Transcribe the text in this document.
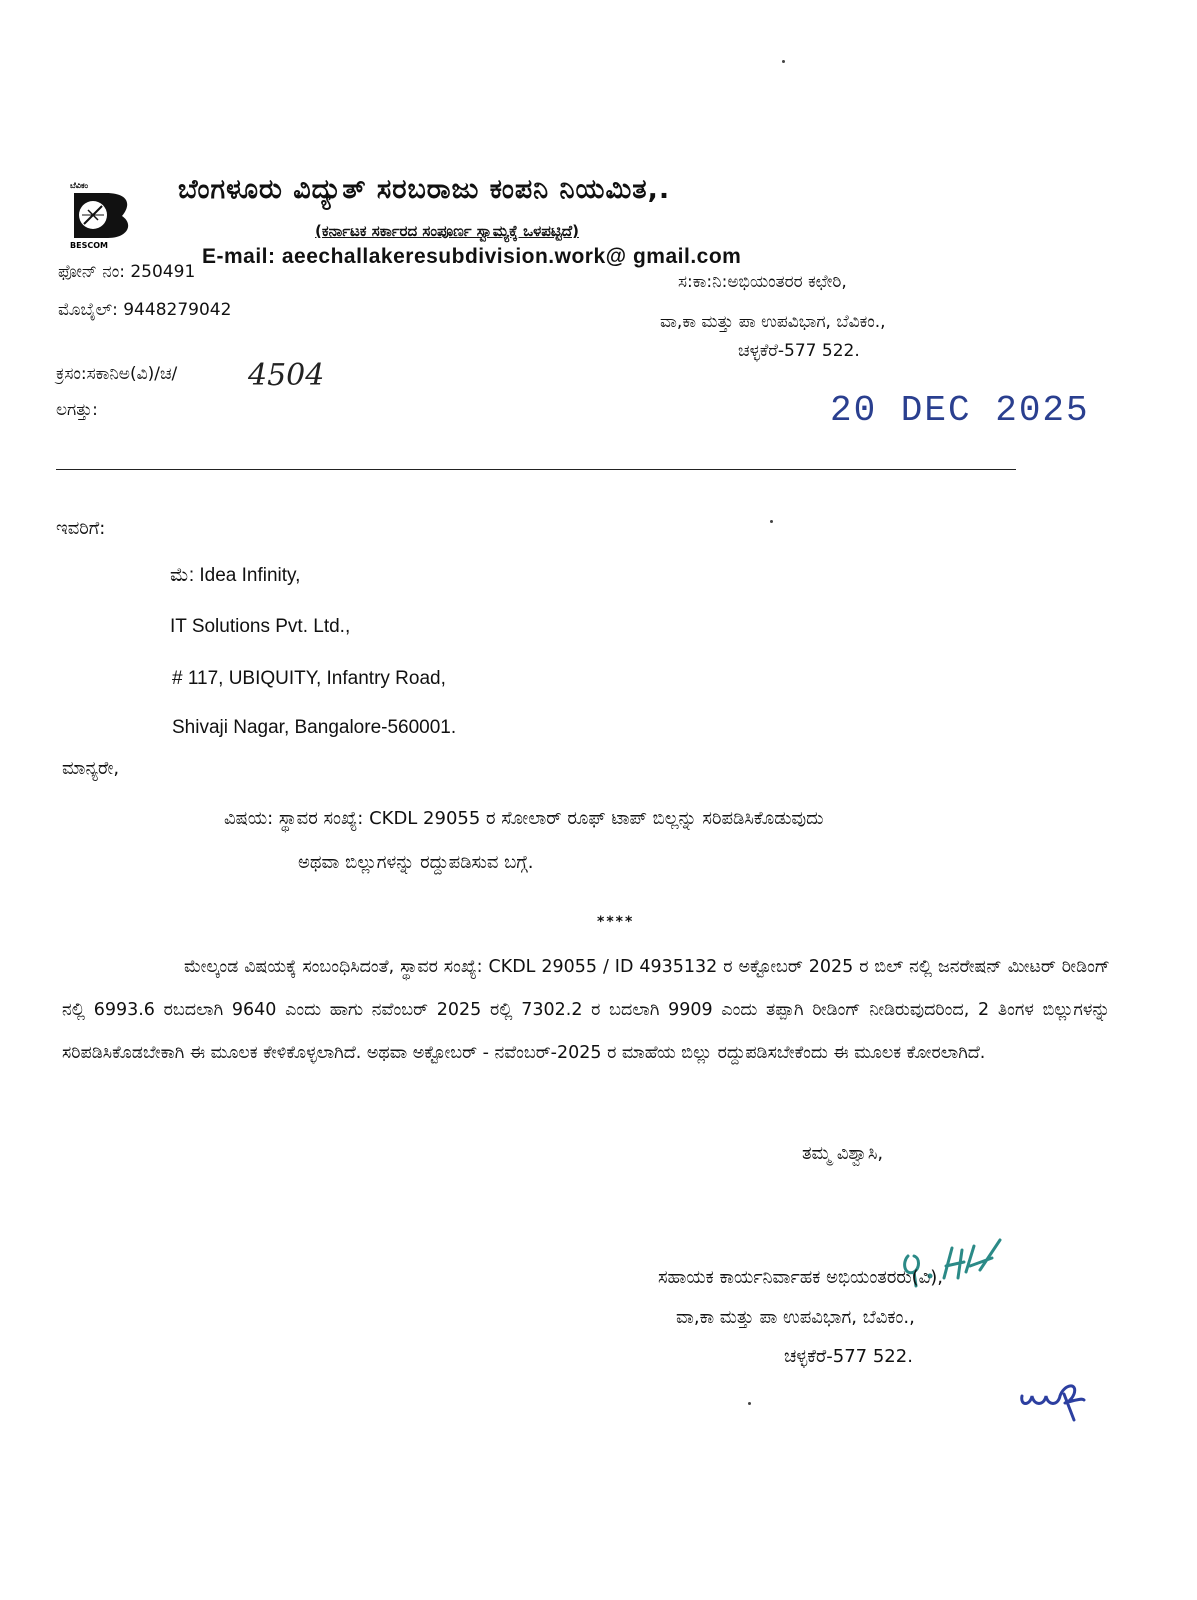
ಬೆವಿಕಂ
BESCOM
ಬೆಂಗಳೂರು ವಿದ್ಯುತ್ ಸರಬರಾಜು ಕಂಪನಿ ನಿಯಮಿತ,.
(ಕರ್ನಾಟಕ ಸರ್ಕಾರದ ಸಂಪೂರ್ಣ ಸ್ವಾಮ್ಯಕ್ಕೆ ಒಳಪಟ್ಟಿದೆ)
E-mail: aeechallakeresubdivision.work@ gmail.com
ಫೋನ್ ನಂ: 250491
ಮೊಬೈಲ್: 9448279042
ಸ:ಕಾ:ನಿ:ಅಭಿಯಂತರರ ಕಛೇರಿ,
ವಾ,ಕಾ ಮತ್ತು ಪಾ ಉಪವಿಭಾಗ, ಬೆವಿಕಂ.,
ಚಳ್ಳಕೆರೆ-577 522.
ಕ್ರಸಂ:ಸಕಾನಿಅ(ವಿ)/ಚ/ 4504
ಲಗತ್ತು:	20 DEC 2025
ಇವರಿಗೆ:
ಮೆ: Idea Infinity,
IT Solutions Pvt. Ltd.,
# 117, UBIQUITY, Infantry Road,
Shivaji Nagar, Bangalore-560001.
ಮಾನ್ಯರೇ,
ವಿಷಯ: ಸ್ಥಾವರ ಸಂಖ್ಯೆ: CKDL 29055 ರ ಸೋಲಾರ್ ರೂಫ್ ಟಾಪ್ ಬಿಲ್ಲನ್ನು ಸರಿಪಡಿಸಿಕೊಡುವುದು
ಅಥವಾ ಬಿಲ್ಲುಗಳನ್ನು ರದ್ದುಪಡಿಸುವ ಬಗ್ಗೆ.
****
ಮೇಲ್ಕಂಡ ವಿಷಯಕ್ಕೆ ಸಂಬಂಧಿಸಿದಂತೆ, ಸ್ಥಾವರ ಸಂಖ್ಯೆ: CKDL 29055 / ID 4935132 ರ ಅಕ್ಟೋಬರ್ 2025 ರ ಬಿಲ್ ನಲ್ಲಿ ಜನರೇಷನ್ ಮೀಟರ್ ರೀಡಿಂಗ್ ನಲ್ಲಿ 6993.6 ರಬದಲಾಗಿ 9640 ಎಂದು ಹಾಗು ನವೆಂಬರ್ 2025 ರಲ್ಲಿ 7302.2 ರ ಬದಲಾಗಿ 9909 ಎಂದು ತಪ್ಪಾಗಿ ರೀಡಿಂಗ್ ನೀಡಿರುವುದರಿಂದ, 2 ತಿಂಗಳ ಬಿಲ್ಲುಗಳನ್ನು ಸರಿಪಡಿಸಿಕೊಡಬೇಕಾಗಿ ಈ ಮೂಲಕ ಕೇಳಿಕೊಳ್ಳಲಾಗಿದೆ. ಅಥವಾ ಅಕ್ಟೋಬರ್ - ನವೆಂಬರ್-2025 ರ ಮಾಹೆಯ ಬಿಲ್ಲು ರದ್ದುಪಡಿಸಬೇಕೆಂದು ಈ ಮೂಲಕ ಕೋರಲಾಗಿದೆ.
ತಮ್ಮ ವಿಶ್ವಾಸಿ,
ಸಹಾಯಕ ಕಾರ್ಯನಿರ್ವಾಹಕ ಅಭಿಯಂತರರು(ವಿ),
ವಾ,ಕಾ ಮತ್ತು ಪಾ ಉಪವಿಭಾಗ, ಬೆವಿಕಂ.,
ಚಳ್ಳಕೆರೆ-577 522.
